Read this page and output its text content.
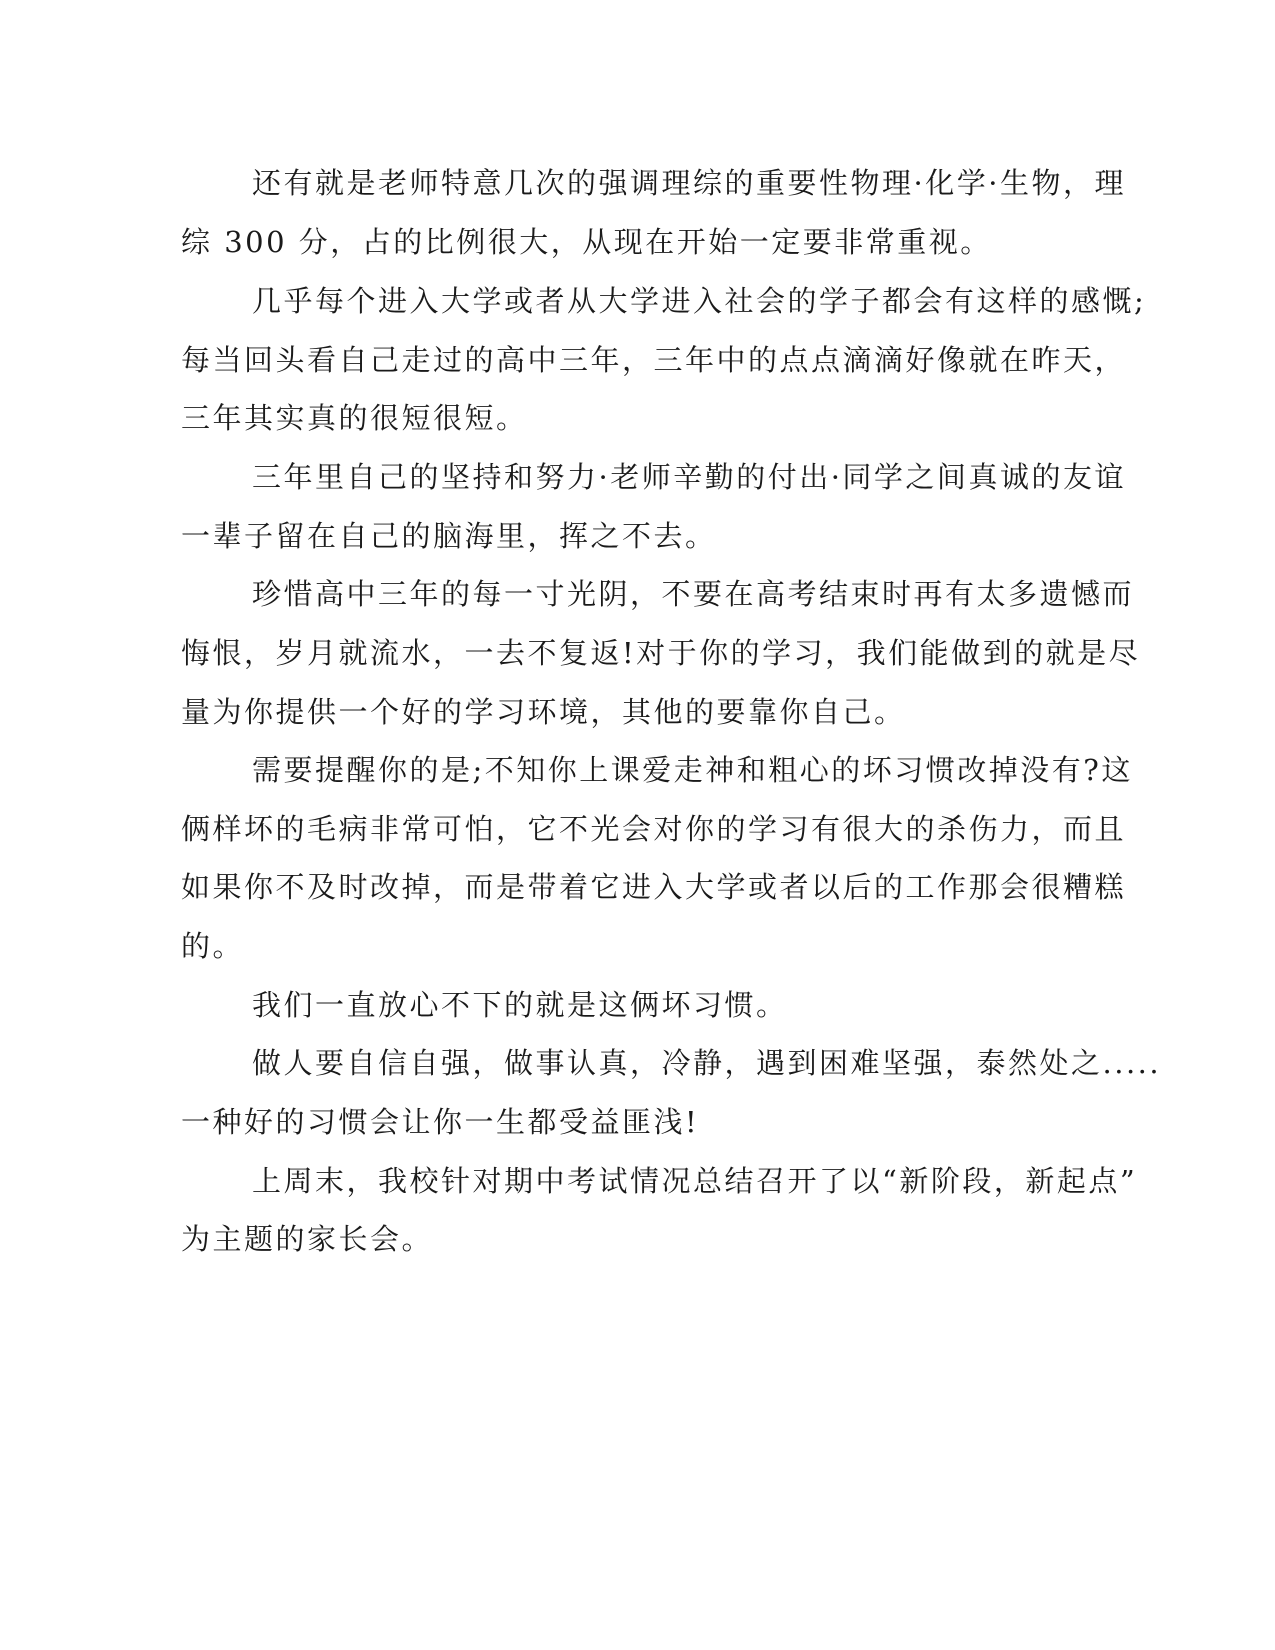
还有就是老师特意几次的强调理综的重要性物理·化学·生物，理

综 300 分，占的比例很大，从现在开始一定要非常重视。

几乎每个进入大学或者从大学进入社会的学子都会有这样的感慨;

每当回头看自己走过的高中三年，三年中的点点滴滴好像就在昨天，

三年其实真的很短很短。

三年里自己的坚持和努力·老师辛勤的付出·同学之间真诚的友谊

一辈子留在自己的脑海里，挥之不去。

珍惜高中三年的每一寸光阴，不要在高考结束时再有太多遗憾而

悔恨，岁月就流水，一去不复返!对于你的学习，我们能做到的就是尽

量为你提供一个好的学习环境，其他的要靠你自己。

需要提醒你的是;不知你上课爱走神和粗心的坏习惯改掉没有?这

俩样坏的毛病非常可怕，它不光会对你的学习有很大的杀伤力，而且

如果你不及时改掉，而是带着它进入大学或者以后的工作那会很糟糕

的。

我们一直放心不下的就是这俩坏习惯。

做人要自信自强，做事认真，冷静，遇到困难坚强，泰然处之.....

一种好的习惯会让你一生都受益匪浅!

上周末，我校针对期中考试情况总结召开了以“新阶段，新起点”

为主题的家长会。
